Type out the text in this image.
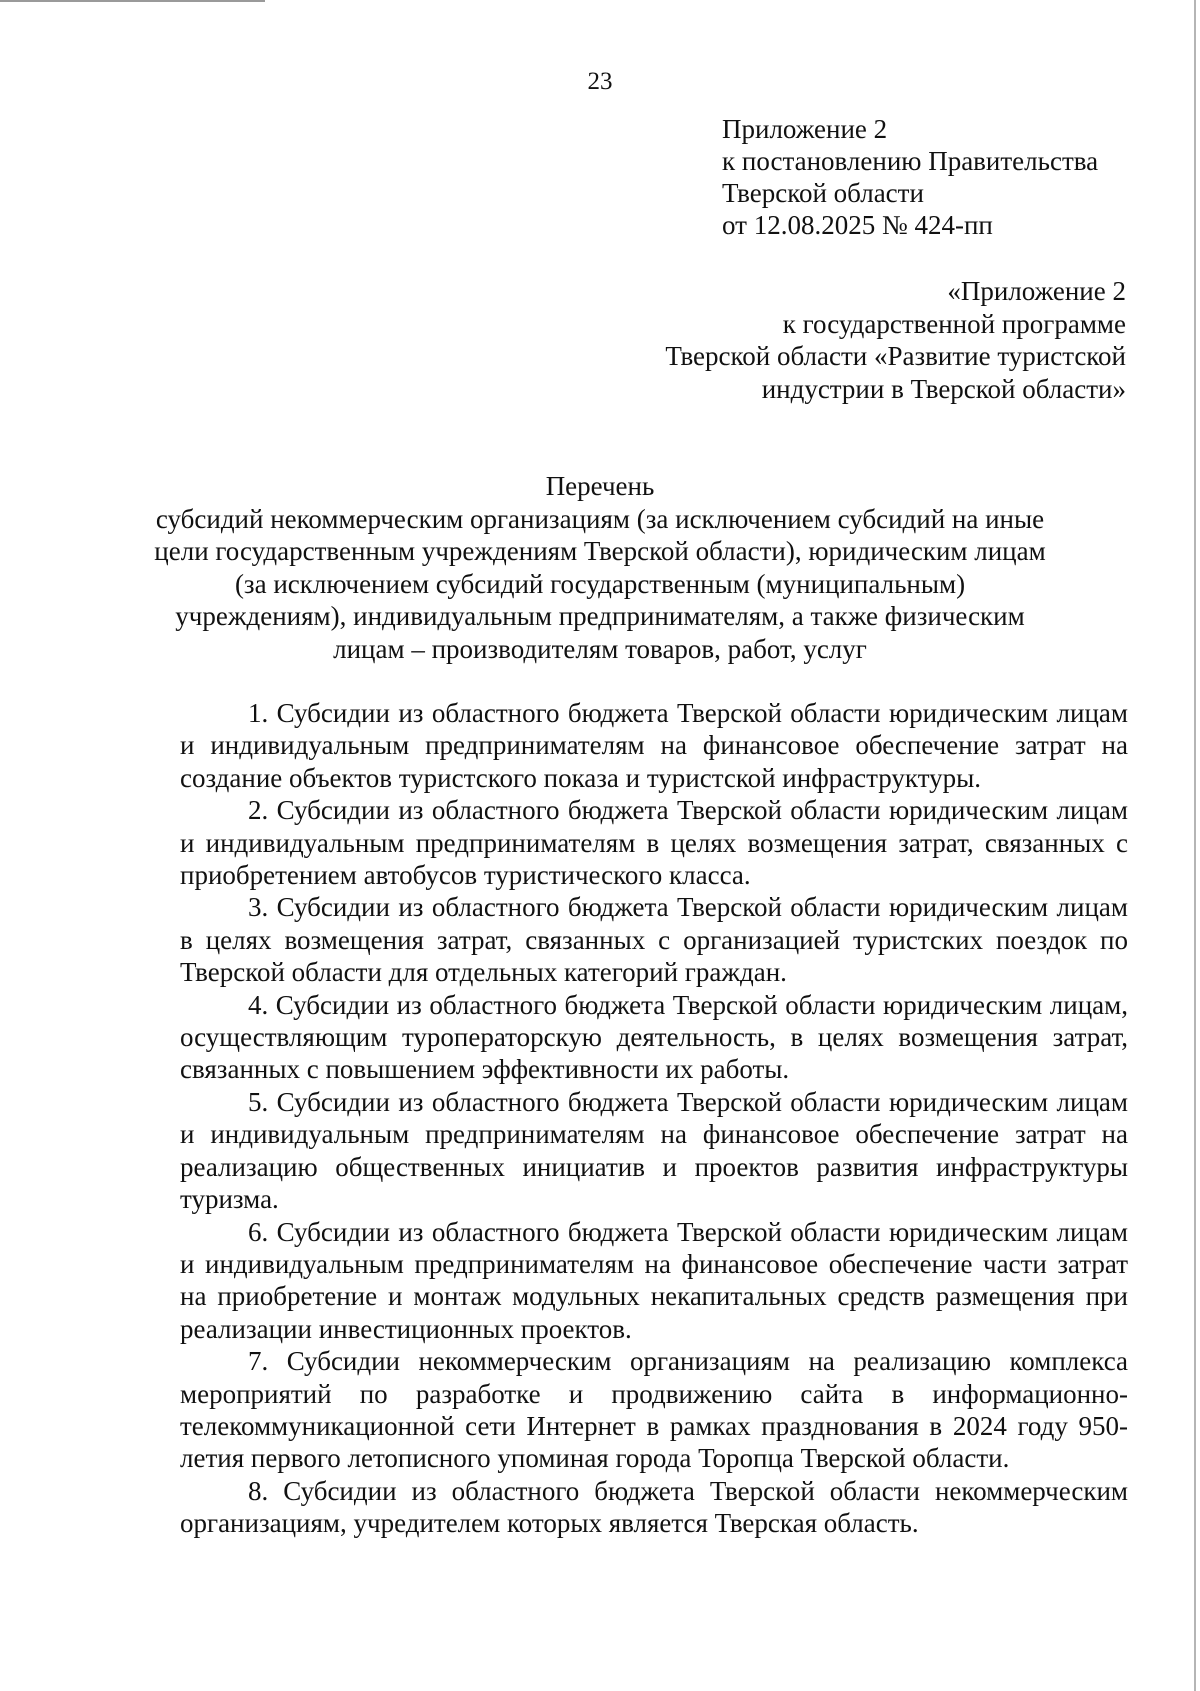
23
Приложение 2
к постановлению Правительства
Тверской области
от 12.08.2025 № 424-пп
«Приложение 2
к государственной программе
Тверской области «Развитие туристской
индустрии в Тверской области»
Перечень
субсидий некоммерческим организациям (за исключением субсидий на иные
цели государственным учреждениям Тверской области), юридическим лицам
(за исключением субсидий государственным (муниципальным)
учреждениям), индивидуальным предпринимателям, а также физическим
лицам – производителям товаров, работ, услуг

1. Субсидии из областного бюджета Тверской области юридическим лицам и индивидуальным предпринимателям на финансовое обеспечение затрат на создание объектов туристского показа и туристской инфраструктуры.

2. Субсидии из областного бюджета Тверской области юридическим лицам и индивидуальным предпринимателям в целях возмещения затрат, связанных с приобретением автобусов туристического класса.

3. Субсидии из областного бюджета Тверской области юридическим лицам в целях возмещения затрат, связанных с организацией туристских поездок по Тверской области для отдельных категорий граждан.

4. Субсидии из областного бюджета Тверской области юридическим лицам, осуществляющим туроператорскую деятельность, в целях возмещения затрат, связанных с повышением эффективности их работы.

5. Субсидии из областного бюджета Тверской области юридическим лицам и индивидуальным предпринимателям на финансовое обеспечение затрат на реализацию общественных инициатив и проектов развития инфраструктуры туризма.

6. Субсидии из областного бюджета Тверской области юридическим лицам и индивидуальным предпринимателям на финансовое обеспечение части затрат на приобретение и монтаж модульных некапитальных средств размещения при реализации инвестиционных проектов.

7. Субсидии некоммерческим организациям на реализацию комплекса мероприятий по разработке и продвижению сайта в информационно-телекоммуникационной сети Интернет в рамках празднования в 2024 году 950-летия первого летописного упоминая города Торопца Тверской области.

8. Субсидии из областного бюджета Тверской области некоммерческим организациям, учредителем которых является Тверская область.
